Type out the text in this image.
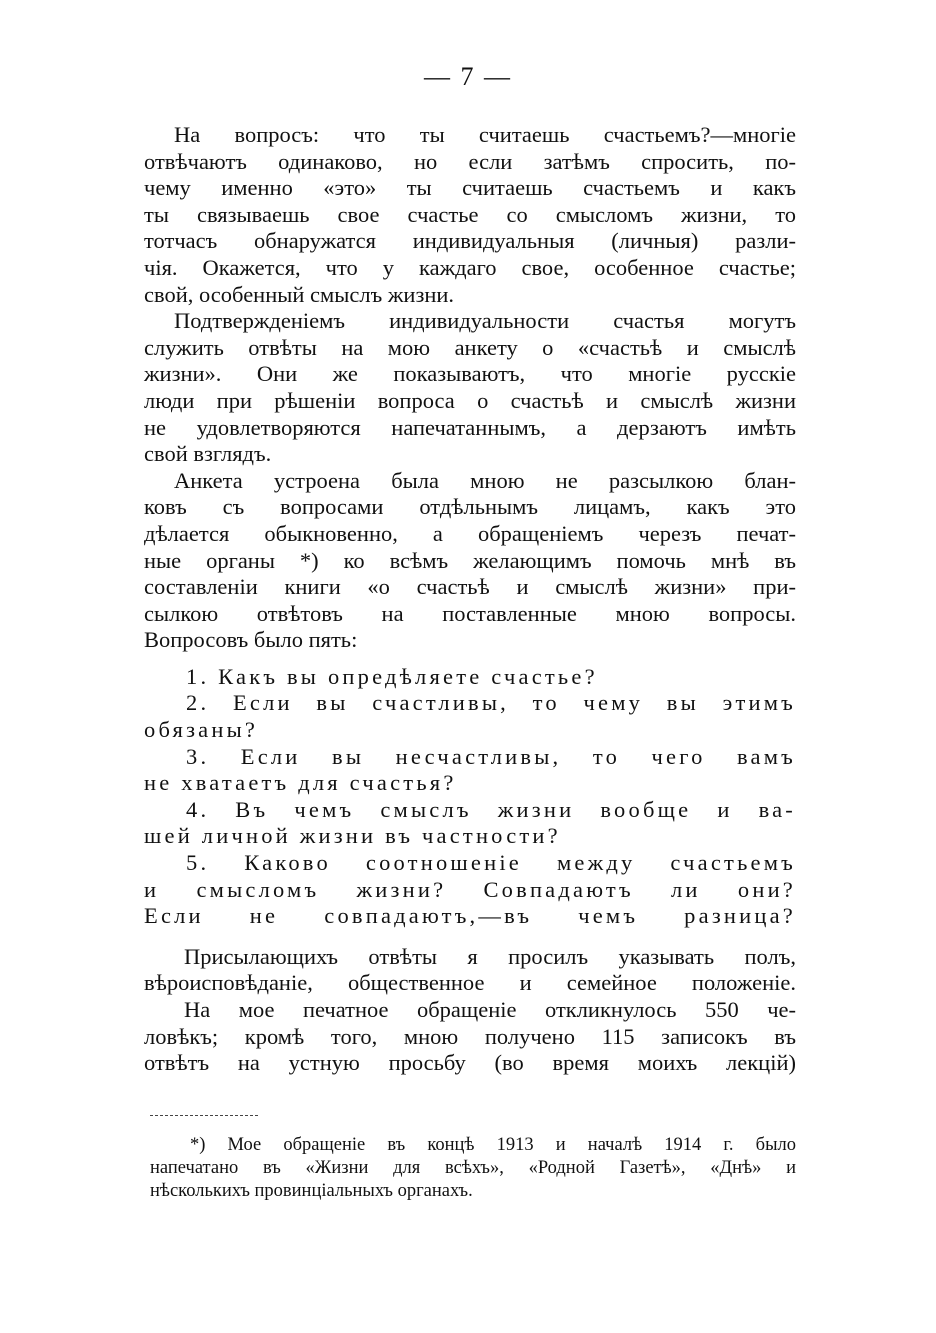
— 7 —
На вопросъ: что ты считаешь счастьемъ?—многіе
отвѣчаютъ одинаково, но если затѣмъ спросить, по-
чему именно «это» ты считаешь счастьемъ и какъ
ты связываешь свое счастье со смысломъ жизни, то
тотчасъ обнаружатся индивидуальныя (личныя) разли-
чія. Окажется, что у каждаго свое, особенное счастье;
свой, особенный смыслъ жизни.
Подтвержденіемъ индивидуальности счастья могутъ
служить отвѣты на мою анкету о «счастьѣ и смыслѣ
жизни». Они же показываютъ, что многіе русскіе
люди при рѣшеніи вопроса о счастьѣ и смыслѣ жизни
не удовлетворяются напечатаннымъ, а дерзаютъ имѣть
свой взглядъ.
Анкета устроена была мною не разсылкою блан-
ковъ съ вопросами отдѣльнымъ лицамъ, какъ это
дѣлается обыкновенно, а обращеніемъ черезъ печат-
ные органы *) ко всѣмъ желающимъ помочь мнѣ въ
составленіи книги «о счастьѣ и смыслѣ жизни» при-
сылкою отвѣтовъ на поставленные мною вопросы.
Вопросовъ было пять:
1. Какъ вы опредѣляете счастье?
2. Если вы счастливы, то чему вы этимъ
обязаны?
3. Если вы несчастливы, то чего вамъ
не хватаетъ для счастья?
4. Въ чемъ смыслъ жизни вообще и ва-
шей личной жизни въ частности?
5. Каково соотношеніе между счастьемъ
и смысломъ жизни? Совпадаютъ ли они?
Если не совпадаютъ,—въ чемъ разница?
Присылающихъ отвѣты я просилъ указывать полъ,
вѣроисповѣданіе, общественное и семейное положеніе.
На мое печатное обращеніе откликнулось 550 че-
ловѣкъ; кромѣ того, мною получено 115 записокъ въ
отвѣтъ на устную просьбу (во время моихъ лекцій)
*) Мое обращеніе въ концѣ 1913 и началѣ 1914 г. было
напечатано въ «Жизни для всѣхъ», «Родной Газетѣ», «Днѣ» и
нѣсколькихъ провинціальныхъ органахъ.
